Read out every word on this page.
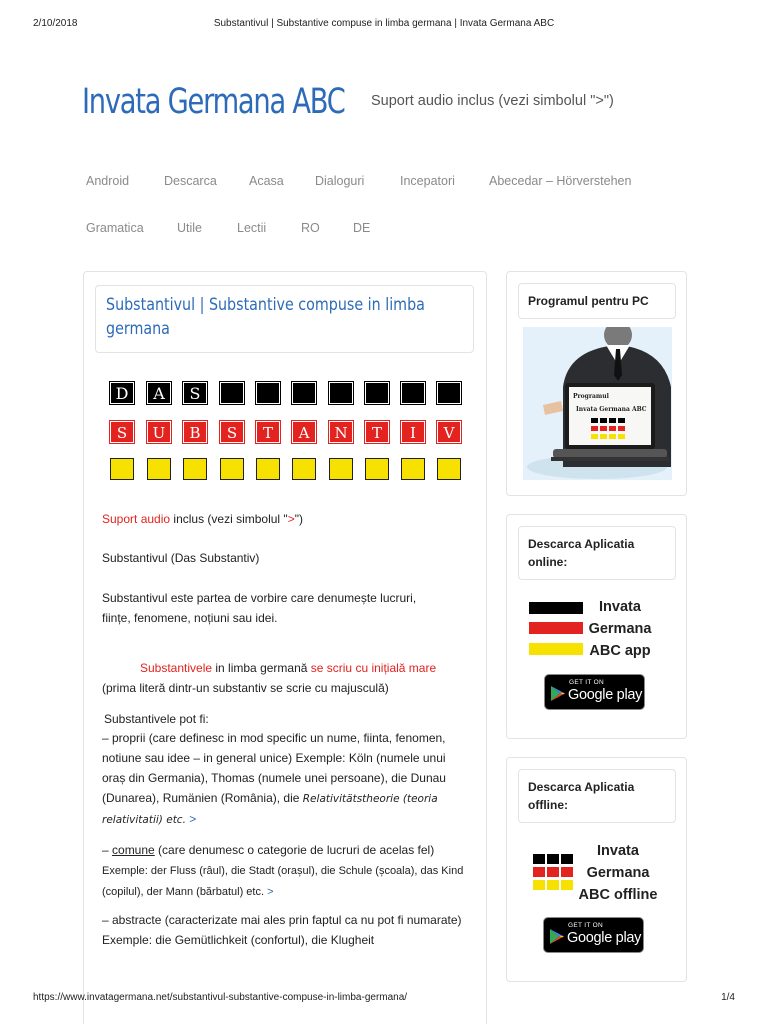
2/10/2018	Substantivul | Substantive compuse in limba germana | Invata Germana ABC
Invata Germana ABC Suport audio inclus (vezi simbolul ">")
Android	Descarca	Acasa	Dialoguri	Incepatori	Abecedar – Hörverstehen
Gramatica	Utile	Lectii	RO	DE
Substantivul | Substantive compuse in limba germana
D	A	S
S	U	B	S	T	A	N	T	I	V
Suport audio inclus (vezi simbolul ">")
Substantivul (Das Substantiv)
Substantivul este partea de vorbire care denumește lucruri, ființe, fenomene, noțiuni sau idei.
Substantivele in limba germană se scriu cu inițială mare
(prima literă dintr-un substantiv se scrie cu majusculă)
Substantivele pot fi:
– proprii (care definesc in mod specific un nume, fiinta, fenomen, notiune sau idee – in general unice) Exemple: Köln (numele unui oraș din Germania), Thomas (numele unei persoane), die Dunau (Dunarea), Rumänien (România), die Relativitätstheorie (teoria relativitatii) etc. >
– comune (care denumesc o categorie de lucruri de acelas fel)
Exemple: der Fluss (râul), die Stadt (orașul), die Schule (școala), das Kind (copilul), der Mann (bărbatul) etc. >
– abstracte (caracterizate mai ales prin faptul ca nu pot fi numarate) Exemple: die Gemütlichkeit (confortul), die Klugheit
Programul pentru PC
Programul
Invata Germana ABC
Descarca Aplicatia online:
Invata
Germana
ABC app
GET IT ON
Google play
Descarca Aplicatia offline:
Invata
Germana
ABC offline
GET IT ON
Google play
https://www.invatagermana.net/substantivul-substantive-compuse-in-limba-germana/	1/4
